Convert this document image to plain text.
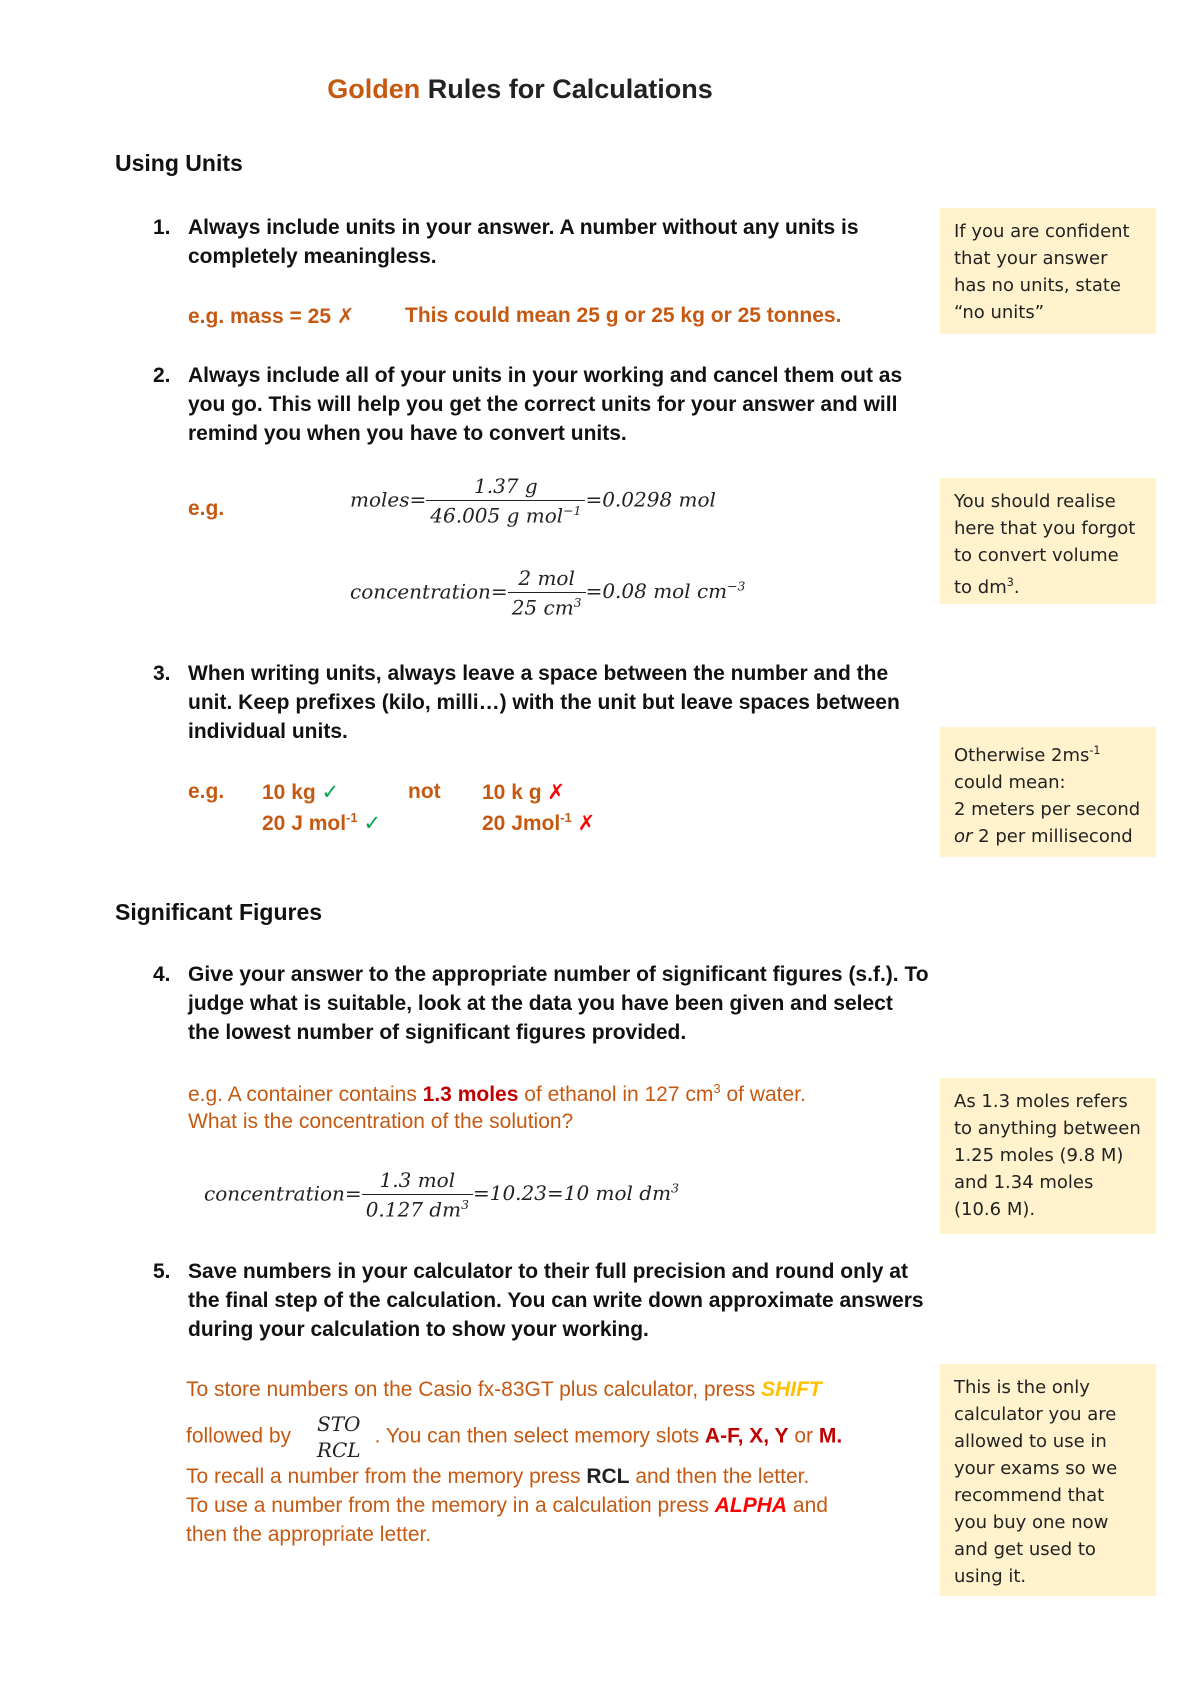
Golden Rules for Calculations
Using Units
1. Always include units in your answer. A number without any units is
completely meaningless.
e.g. mass = 25 ✗ This could mean 25 g or 25 kg or 25 tonnes.
2. Always include all of your units in your working and cancel them out as
you go. This will help you get the correct units for your answer and will
remind you when you have to convert units.
e.g.	moles= $\frac{1.37 g}{46.005 g mol^{-1}} =0.0298$ mol
concentration= $\frac{\text{2 mol}}{25 cm^3} =0.08$ mol $cm^{-3}$
3. When writing units, always leave a space between the number and the
unit. Keep prefixes (kilo, milli…) with the unit but leave spaces between
individual units.
e.g. 10 kg ✓
20 J mol$^{-1}$ ✓
not 10 k g ✗
20 Jmol$^{-1}$ ✗
Significant Figures
4. Give your answer to the appropriate number of significant figures (s.f.). To
judge what is suitable, look at the data you have been given and select
the lowest number of significant figures provided.
e.g. A container contains 1.3 moles of ethanol in 127 $cm^3$ of water.
What is the concentration of the solution?
concentration= $\frac{\text{1.3 mol}}{0.127 dm^3} =10.23=10$ mol $dm^3$
5. Save numbers in your calculator to their full precision and round only at
the final step of the calculation. You can write down approximate answers
during your calculation to show your working.
To store numbers on the Casio fx-83GT plus calculator, press SHIFT
followed by
STO
RCL
. You can then select memory slots A-F, X, Y or M.
To recall a number from the memory press RCL and then the letter.
To use a number from the memory in a calculation press ALPHA and
then the appropriate letter.
If you are confident
that your answer
has no units, state
“no units”
You should realise
here that you forgot
to convert volume
to $dm^3$.
Otherwise $2ms^{-1}$
could mean:
2 meters per second
or 2 per millisecond
As 1.3 moles refers
to anything between
1.25 moles (9.8 M)
and 1.34 moles
(10.6 M).
This is the only
calculator you are
allowed to use in
your exams so we
recommend that
you buy one now
and get used to
using it.
